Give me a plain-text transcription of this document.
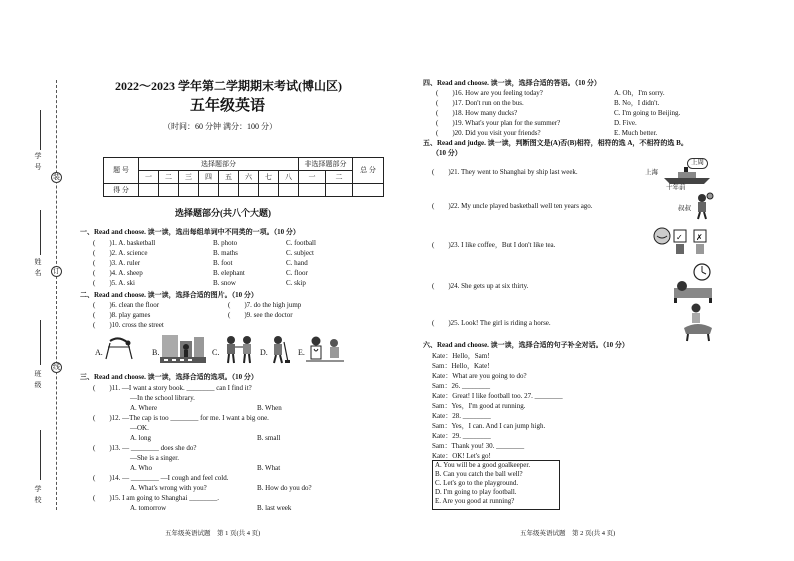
学 号
姓 名
班 级
学 校
装
订
线
2022～2023 学年第二学期期末考试(博山区)
五年级英语
（时间：60 分钟 满分：100 分）
题 号	选择题部分								非选择题部分		总 分
	一	二	三	四	五	六	七	八	一	二	
得 分											
选择题部分(共八个大题)
一、Read and choose. 读一读，选出每组单词中不同类的一项。（10 分）
(　　)1. A. basketball	B. photo	C. football
(　　)2. A. science	B. maths	C. subject
(　　)3. A. ruler	B. foot	C. hand
(　　)4. A. sheep	B. elephant	C. floor
(　　)5. A. ski	B. snow	C. skip
二、Read and choose. 读一读，选择合适的图片。（10 分）
(　　)6. clean the floor	(　　)7. do the high jump
(　　)8. play games	(　　)9. see the doctor
(　　)10. cross the street
A.	B.	C.	D.	E.
三、Read and choose. 读一读，选择合适的选项。（10 分）
(　　)11. —I want a story book. ________ can I find it?
—In the school library.
A. Where	B. When
(　　)12. —The cap is too ________ for me. I want a big one.
—OK.
A. long	B. small
(　　)13. — ________ does she do?
—She is a singer.
A. Who	B. What
(　　)14. — ________ —I cough and feel cold.
A. What's wrong with you?	B. How do you do?
(　　)15. I am going to Shanghai ________.
A. tomorrow	B. last week
五年级英语试题　第 1 页(共 4 页)
四、Read and choose. 读一读，选择合适的答语。（10 分）
(　　)16. How are you feeling today?	A. Oh，I'm sorry.
(　　)17. Don't run on the bus.	B. No，I didn't.
(　　)18. How many ducks?	C. I'm going to Beijing.
(　　)19. What's your plan for the summer?	D. Five.
(　　)20. Did you visit your friends?	E. Much better.
五、Read and judge. 读一读，判断图文是(A)否(B)相符，相符的选 A，不相符的选 B。
（10 分）
(　　)21. They went to Shanghai by ship last week.
(　　)22. My uncle played basketball well ten years ago.
(　　)23. I like coffee，But I don't like tea.
(　　)24. She gets up at six thirty.
(　　)25. Look! The girl is riding a horse.
上海
上周
十年前
叔叔
✓ ✗
六、Read and choose. 读一读，选择合适的句子补全对话。（10 分）
Kate：Hello，Sam!
Sam：Hello，Kate!
Kate：What are you going to do?
Sam：26. ________
Kate：Great! I like football too. 27. ________
Sam：Yes，I'm good at running.
Kate：28. ________
Sam：Yes，I can. And I can jump high.
Kate：29. ________
Sam：Thank you! 30. ________
Kate：OK! Let's go!
A. You will be a good goalkeeper.
B. Can you catch the ball well?
C. Let's go to the playground.
D. I'm going to play football.
E. Are you good at running?
五年级英语试题　第 2 页(共 4 页)
